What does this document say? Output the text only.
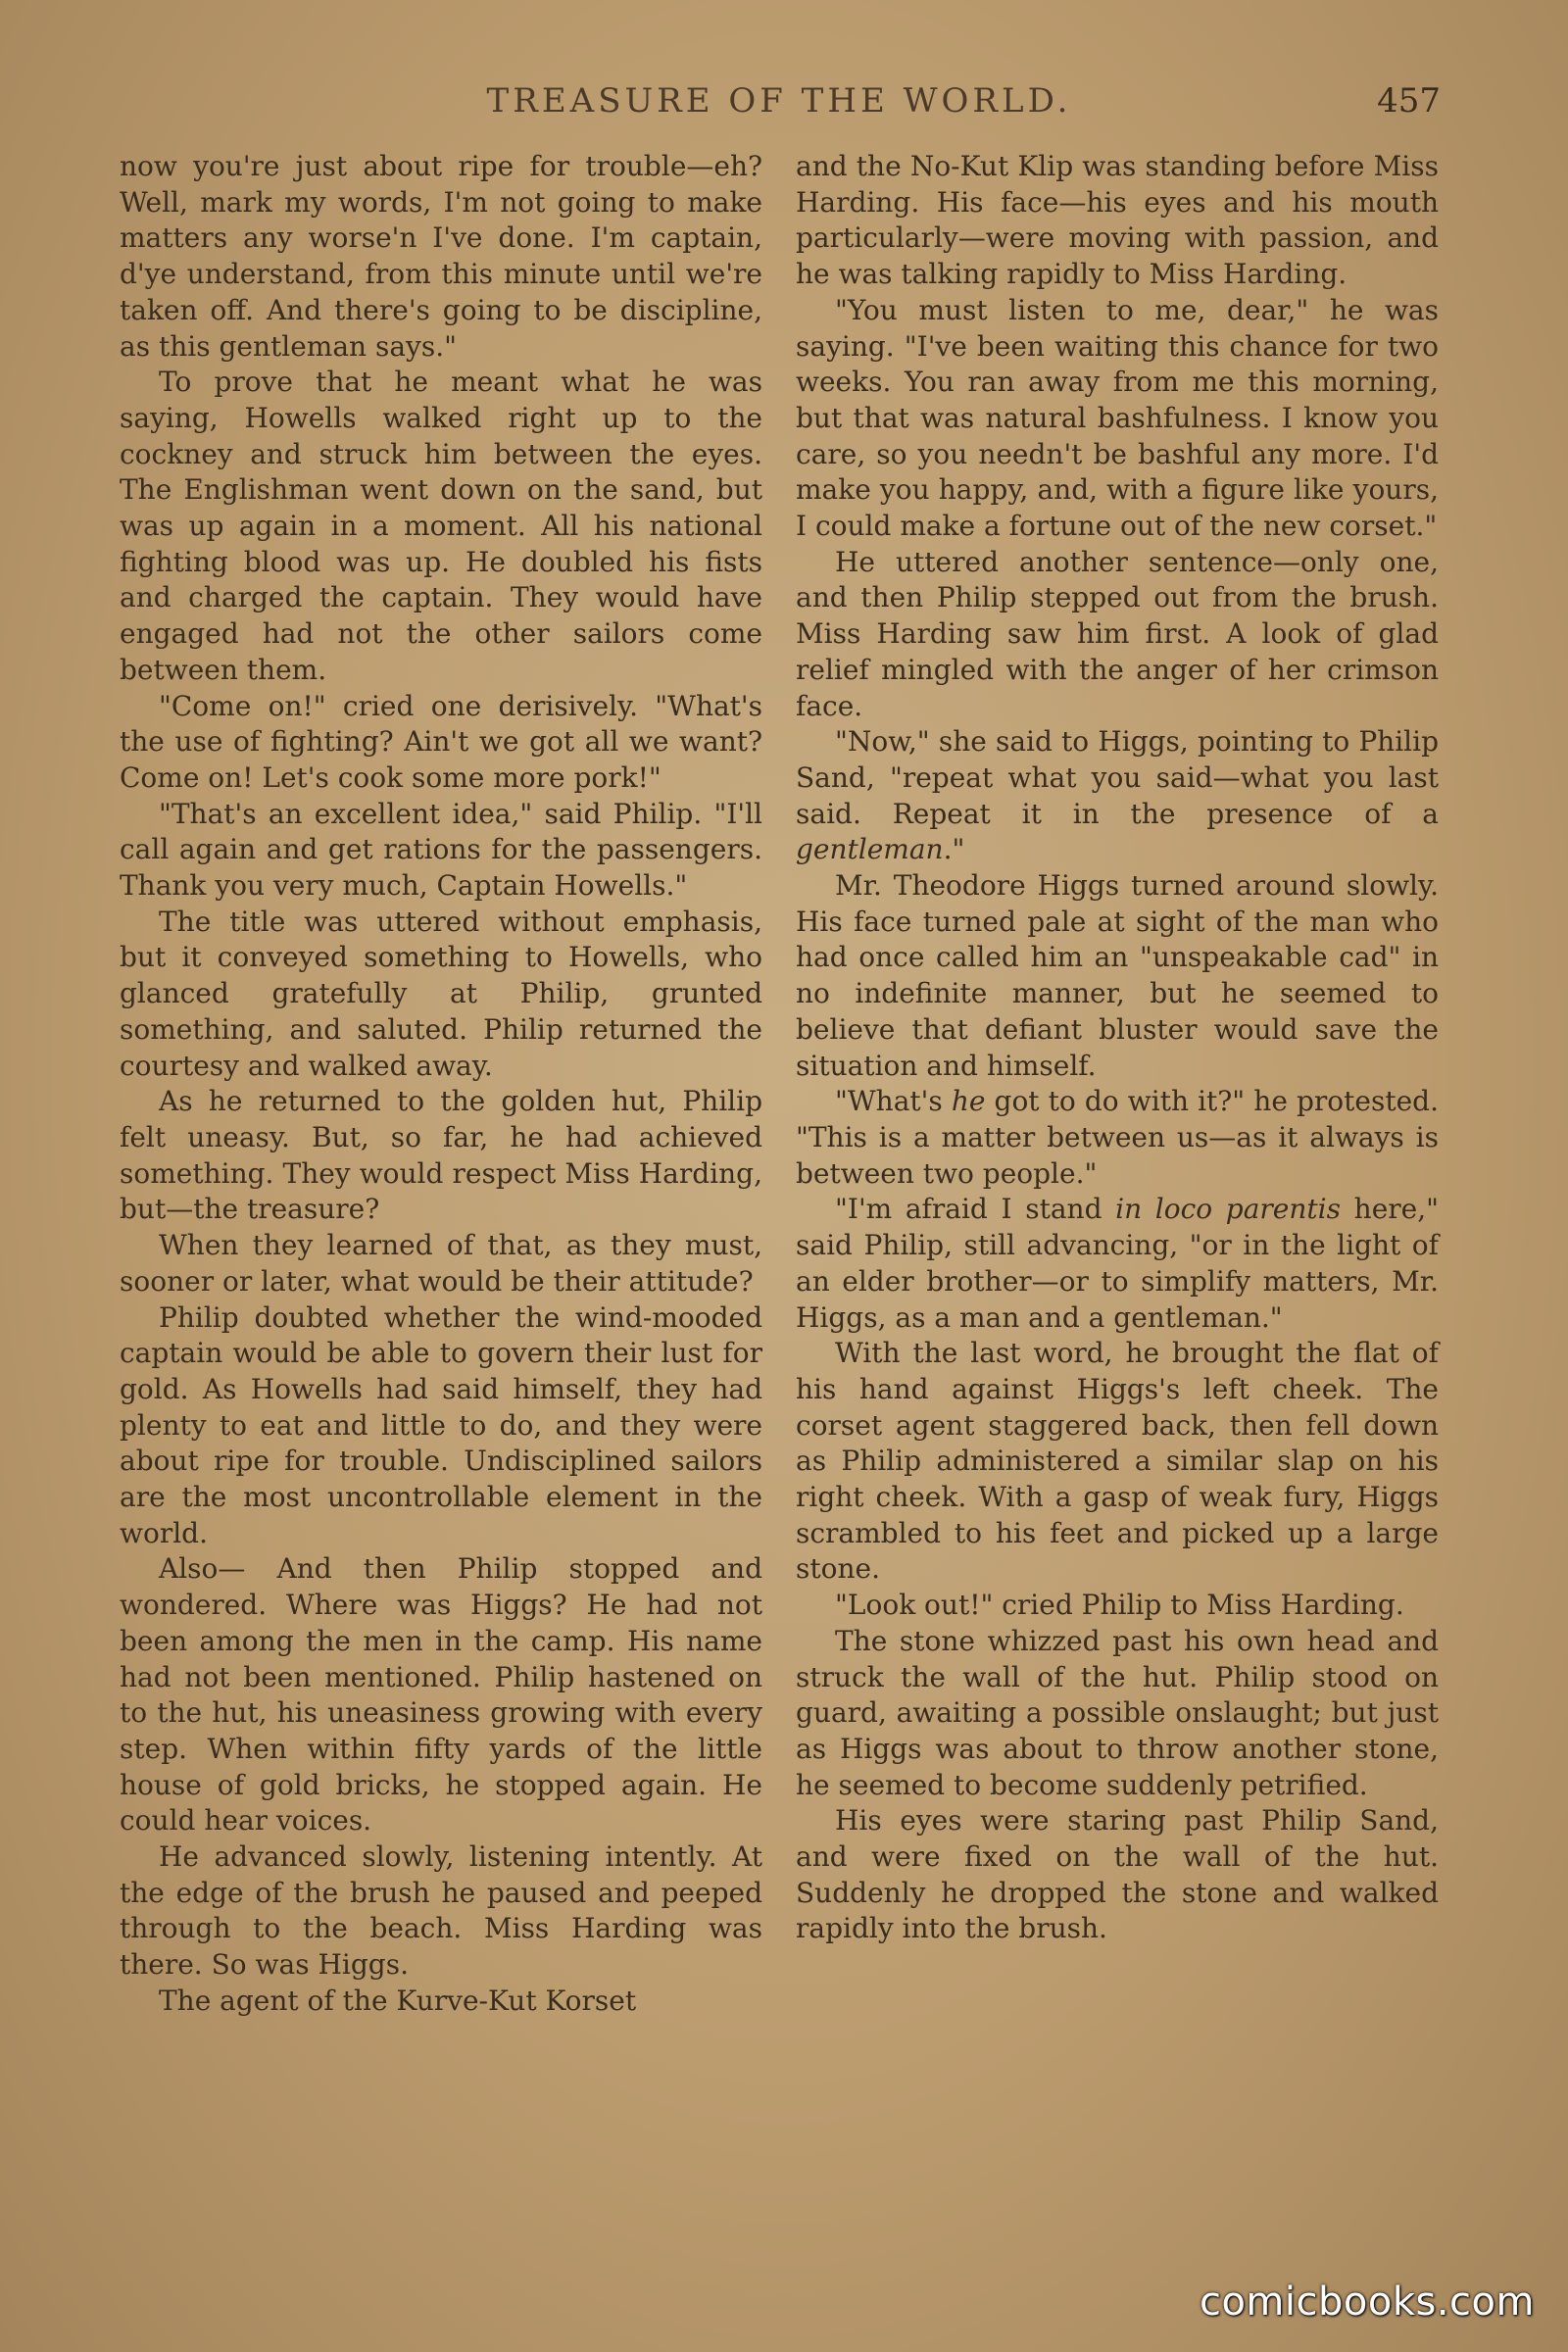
TREASURE OF THE WORLD.	457

now you're just about ripe for trouble—eh? Well, mark my words, I'm not going to make matters any worse'n I've done. I'm captain, d'ye understand, from this minute until we're taken off. And there's going to be discipline, as this gentleman says."

To prove that he meant what he was saying, Howells walked right up to the cockney and struck him between the eyes. The Englishman went down on the sand, but was up again in a moment. All his national fighting blood was up. He doubled his fists and charged the captain. They would have engaged had not the other sailors come between them.

"Come on!" cried one derisively. "What's the use of fighting? Ain't we got all we want? Come on! Let's cook some more pork!"

"That's an excellent idea," said Philip. "I'll call again and get rations for the passengers. Thank you very much, Captain Howells."

The title was uttered without emphasis, but it conveyed something to Howells, who glanced gratefully at Philip, grunted something, and saluted. Philip returned the courtesy and walked away.

As he returned to the golden hut, Philip felt uneasy. But, so far, he had achieved something. They would respect Miss Harding, but—the treasure?

When they learned of that, as they must, sooner or later, what would be their attitude?

Philip doubted whether the wind-mooded captain would be able to govern their lust for gold. As Howells had said himself, they had plenty to eat and little to do, and they were about ripe for trouble. Undisciplined sailors are the most uncontrollable element in the world.

Also— And then Philip stopped and wondered. Where was Higgs? He had not been among the men in the camp. His name had not been mentioned. Philip hastened on to the hut, his uneasiness growing with every step. When within fifty yards of the little house of gold bricks, he stopped again. He could hear voices.

He advanced slowly, listening intently. At the edge of the brush he paused and peeped through to the beach. Miss Harding was there. So was Higgs.

The agent of the Kurve-Kut Korset

and the No-Kut Klip was standing before Miss Harding. His face—his eyes and his mouth particularly—were moving with passion, and he was talking rapidly to Miss Harding.

"You must listen to me, dear," he was saying. "I've been waiting this chance for two weeks. You ran away from me this morning, but that was natural bashfulness. I know you care, so you needn't be bashful any more. I'd make you happy, and, with a figure like yours, I could make a fortune out of the new corset."

He uttered another sentence—only one, and then Philip stepped out from the brush. Miss Harding saw him first. A look of glad relief mingled with the anger of her crimson face.

"Now," she said to Higgs, pointing to Philip Sand, "repeat what you said—what you last said. Repeat it in the presence of a gentleman."

Mr. Theodore Higgs turned around slowly. His face turned pale at sight of the man who had once called him an "unspeakable cad" in no indefinite manner, but he seemed to believe that defiant bluster would save the situation and himself.

"What's he got to do with it?" he protested. "This is a matter between us—as it always is between two people."

"I'm afraid I stand in loco parentis here," said Philip, still advancing, "or in the light of an elder brother—or to simplify matters, Mr. Higgs, as a man and a gentleman."

With the last word, he brought the flat of his hand against Higgs's left cheek. The corset agent staggered back, then fell down as Philip administered a similar slap on his right cheek. With a gasp of weak fury, Higgs scrambled to his feet and picked up a large stone.

"Look out!" cried Philip to Miss Harding.

The stone whizzed past his own head and struck the wall of the hut. Philip stood on guard, awaiting a possible onslaught; but just as Higgs was about to throw another stone, he seemed to become suddenly petrified.

His eyes were staring past Philip Sand, and were fixed on the wall of the hut. Suddenly he dropped the stone and walked rapidly into the brush.

comicbooks.com
